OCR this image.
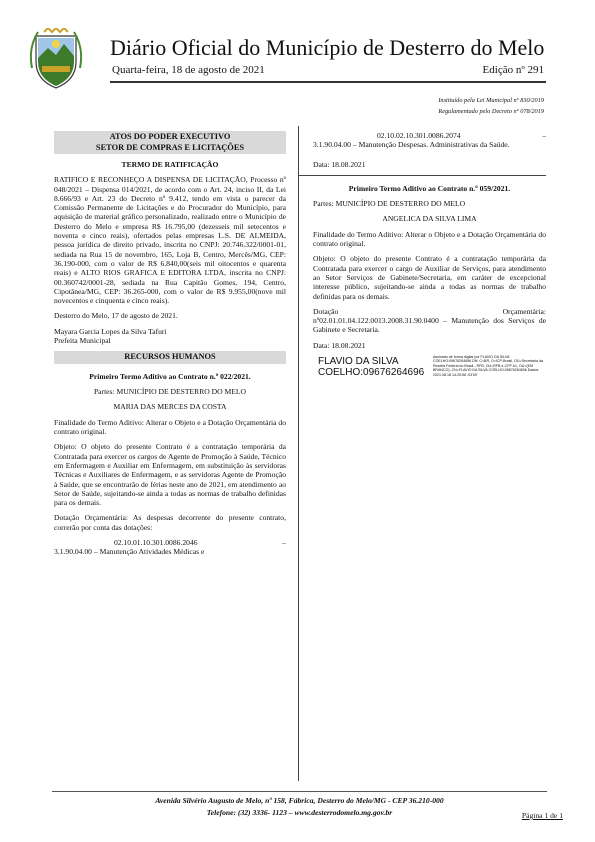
Diário Oficial do Município de Desterro do Melo
Quarta-feira, 18 de agosto de 2021	Edição nº 291
Instituído pela Lei Municipal nº 830/2019
Regulamentado pelo Decreto nº 078/2019
ATOS DO PODER EXECUTIVO
SETOR DE COMPRAS E LICITAÇÕES

TERMO DE RATIFICAÇÃO

RATIFICO E RECONHEÇO A DISPENSA DE LICITAÇÃO, Processo nº 048/2021 – Dispensa 014/2021, de acordo com o Art. 24, inciso II, da Lei 8.666/93 e Art. 23 do Decreto nº 9.412, tendo em vista o parecer da Comissão Permanente de Licitações e do Procurador do Município, para aquisição de material gráfico personalizado, realizado entre o Município de Desterro do Melo e empresa R$ 16.795,00 (dezesseis mil setecentos e noventa e cinco reais), ofertados pelas empresas L.S. DE ALMEIDA, pessoa jurídica de direito privado, inscrita no CNPJ: 20.746.322/0001-01, sediada na Rua 15 de novembro, 165, Loja B, Centro, Mercês/MG, CEP: 36.190-000, com o valor de R$ 6.840,00(seis mil oitocentos e quarenta reais) e ALTO RIOS GRAFICA E EDITORA LTDA, inscrita no CNPJ: 00.360742/0001-28, sediada na Rua Capitão Gomes, 194, Centro, Cipotânea/MG, CEP: 36.265-000, com o valor de R$ 9.955,00(nove mil novecentos e cinquenta e cinco reais).

Desterro do Melo, 17 de agosto de 2021.

Mayara Garcia Lopes da Silva Tafuri

Prefeita Municipal

RECURSOS HUMANOS

Primeiro Termo Aditivo ao Contrato n.º 022/2021.

Partes: MUNICÍPIO DE DESTERRO DO MELO

MARIA DAS MERCES DA COSTA

Finalidade do Termo Aditivo: Alterar o Objeto e a Dotação Orçamentária do contrato original.

Objeto: O objeto do presente Contrato é a contratação temporária da Contratada para exercer os cargos de Agente de Promoção à Saúde, Técnico em Enfermagem e Auxiliar em Enfermagem, em substituição às servidoras Técnicas e Auxiliares de Enfermagem, e as servidoras Agente de Promoção à Saúde, que se encontrarão de férias neste ano de 2021, em atendimento ao Setor de Saúde, sujeitando-se ainda a todas as normas de trabalho definidas para os demais.

Dotação Orçamentária: As despesas decorrente do presente contrato, correrão por conta das dotações:

02.10.01.10.301.0086.2046	–

3.1.90.04.00 – Manutenção Atividades Médicas e

02.10.02.10.301.0086.2074	–

3.1.90.04.00 – Manutenção Despesas. Administrativas da Saúde.

Data: 18.08.2021

Primeiro Termo Aditivo ao Contrato n.º 059/2021.

Partes: MUNICÍPIO DE DESTERRO DO MELO

ANGELICA DA SILVA LIMA

Finalidade do Termo Aditivo: Alterar o Objeto e a Dotação Orçamentária do contrato original.

Objeto: O objeto do presente Contrato é a contratação temporária da Contratada para exercer o cargo de Auxiliar de Serviços, para atendimento ao Setor Serviços de Gabinete/Secretaria, em caráter de excepcional interesse público, sujeitando-se ainda a todas as normas de trabalho definidas para os demais.

Dotação	Orçamentária:

nº02.01.01.04.122.0013.2008.31.90.0400 – Manutenção dos Serviços de Gabinete e Secretaria.

Data: 18.08.2021

FLAVIO DA SILVA
COELHO:09676264696
Assinado de forma digital por FLAVIO DA SILVA COELHO:09676264696 DN: C=BR, O=ICP-Brasil, OU=Secretaria da Receita Federal do Brasil - RFB, OU=RFB e-CPF A1, OU=(EM BRANCO), CN=FLAVIO DA SILVA COELHO:09676264696 Dados: 2021.08.18 14:25:58 -03'00'
Avenida Silvério Augusto de Melo, nº 158, Fábrica, Desterro do Melo/MG - CEP 36.210-000
Telefone: (32) 3336- 1123 – www.desterrodomelo.mg.gov.br	Página 1 de 1
